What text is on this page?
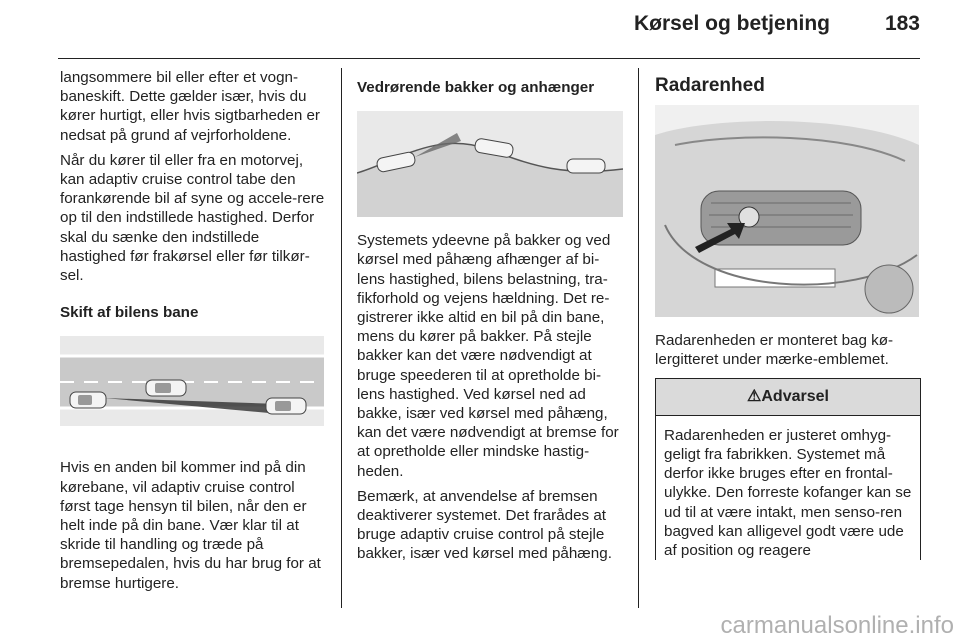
Kørsel og betjening	183

langsommere bil eller efter et vogn-baneskift. Dette gælder især, hvis du kører hurtigt, eller hvis sigtbarheden er nedsat på grund af vejrforholdene.

Når du kører til eller fra en motorvej, kan adaptiv cruise control tabe den forankørende bil af syne og accele-rere op til den indstillede hastighed. Derfor skal du sænke den indstillede hastighed før frakørsel eller før tilkør-sel.

Skift af bilens bane

Hvis en anden bil kommer ind på din kørebane, vil adaptiv cruise control først tage hensyn til bilen, når den er helt inde på din bane. Vær klar til at skride til handling og træde på bremsepedalen, hvis du har brug for at bremse hurtigere.

Vedrørende bakker og anhænger

Systemets ydeevne på bakker og ved kørsel med påhæng afhænger af bi-lens hastighed, bilens belastning, tra-fikforhold og vejens hældning. Det re-gistrerer ikke altid en bil på din bane, mens du kører på bakker. På stejle bakker kan det være nødvendigt at bruge speederen til at opretholde bi-lens hastighed. Ved kørsel ned ad bakke, især ved kørsel med påhæng, kan det være nødvendigt at bremse for at opretholde eller mindske hastig-heden.

Bemærk, at anvendelse af bremsen deaktiverer systemet. Det frarådes at bruge adaptiv cruise control på stejle bakker, især ved kørsel med påhæng.

Radarenhed

Radarenheden er monteret bag kø-lergitteret under mærke-emblemet.

⚠Advarsel
Radarenheden er justeret omhyg-geligt fra fabrikken. Systemet må derfor ikke bruges efter en frontal-ulykke. Den forreste kofanger kan se ud til at være intakt, men senso-ren bagved kan alligevel godt være ude af position og reagere
carmanualsonline.info
